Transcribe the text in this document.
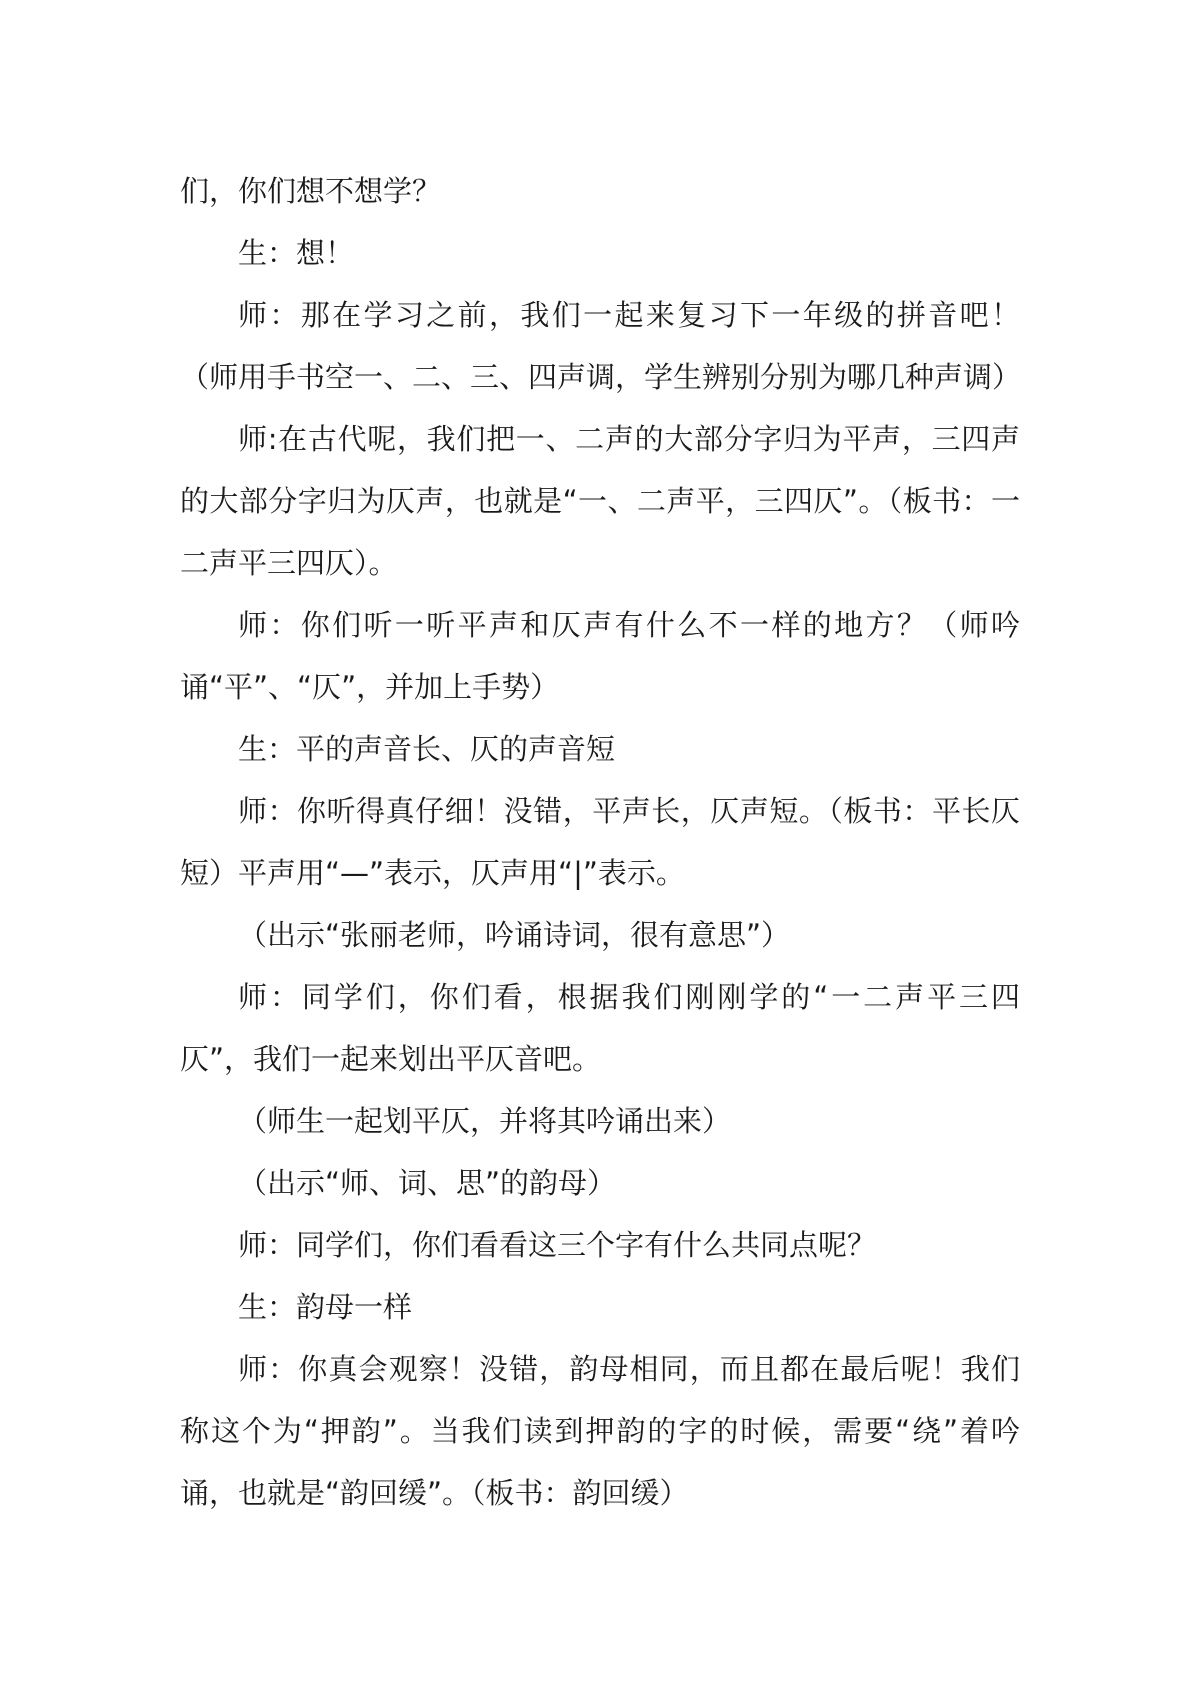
们，你们想不想学？

生：想！

师：那在学习之前，我们一起来复习下一年级的拼音吧！（师用手书空一、二、三、四声调，学生辨别分别为哪几种声调）

师:在古代呢，我们把一、二声的大部分字归为平声，三四声的大部分字归为仄声，也就是“一、二声平，三四仄”。（板书：一二声平三四仄）。

师：你们听一听平声和仄声有什么不一样的地方？（师吟诵“平”、“仄”，并加上手势）

生：平的声音长、仄的声音短

师：你听得真仔细！没错，平声长，仄声短。（板书：平长仄短）平声用“—”表示，仄声用“|”表示。

（出示“张丽老师，吟诵诗词，很有意思”）

师：同学们，你们看，根据我们刚刚学的“一二声平三四仄”，我们一起来划出平仄音吧。

（师生一起划平仄，并将其吟诵出来）

（出示“师、词、思”的韵母）

师：同学们，你们看看这三个字有什么共同点呢？

生：韵母一样

师：你真会观察！没错，韵母相同，而且都在最后呢！我们称这个为“押韵”。当我们读到押韵的字的时候，需要“绕”着吟诵，也就是“韵回缓”。（板书：韵回缓）
